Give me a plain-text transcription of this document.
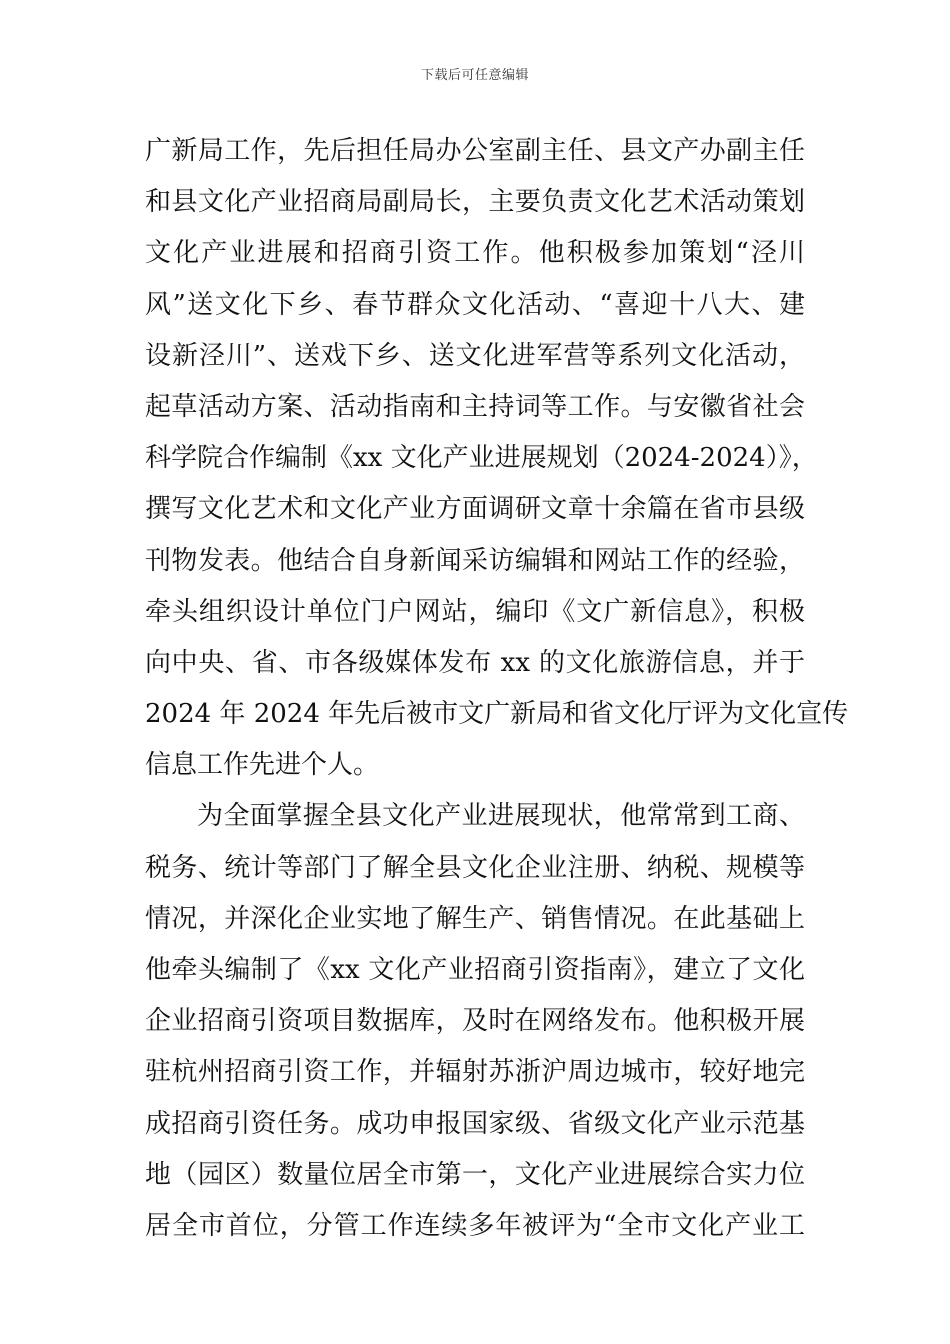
下载后可任意编辑
广新局工作，先后担任局办公室副主任、县文产办副主任
和县文化产业招商局副局长，主要负责文化艺术活动策划
文化产业进展和招商引资工作。他积极参加策划“泾川
风”送文化下乡、春节群众文化活动、“喜迎十八大、建
设新泾川”、送戏下乡、送文化进军营等系列文化活动，
起草活动方案、活动指南和主持词等工作。与安徽省社会
科学院合作编制《xx 文化产业进展规划（2024-2024）》，
撰写文化艺术和文化产业方面调研文章十余篇在省市县级
刊物发表。他结合自身新闻采访编辑和网站工作的经验，
牵头组织设计单位门户网站，编印《文广新信息》，积极
向中央、省、市各级媒体发布 xx 的文化旅游信息，并于
2024 年 2024 年先后被市文广新局和省文化厅评为文化宣传
信息工作先进个人。
为全面掌握全县文化产业进展现状，他常常到工商、
税务、统计等部门了解全县文化企业注册、纳税、规模等
情况，并深化企业实地了解生产、销售情况。在此基础上
他牵头编制了《xx 文化产业招商引资指南》，建立了文化
企业招商引资项目数据库，及时在网络发布。他积极开展
驻杭州招商引资工作，并辐射苏浙沪周边城市，较好地完
成招商引资任务。成功申报国家级、省级文化产业示范基
地（园区）数量位居全市第一，文化产业进展综合实力位
居全市首位，分管工作连续多年被评为“全市文化产业工
